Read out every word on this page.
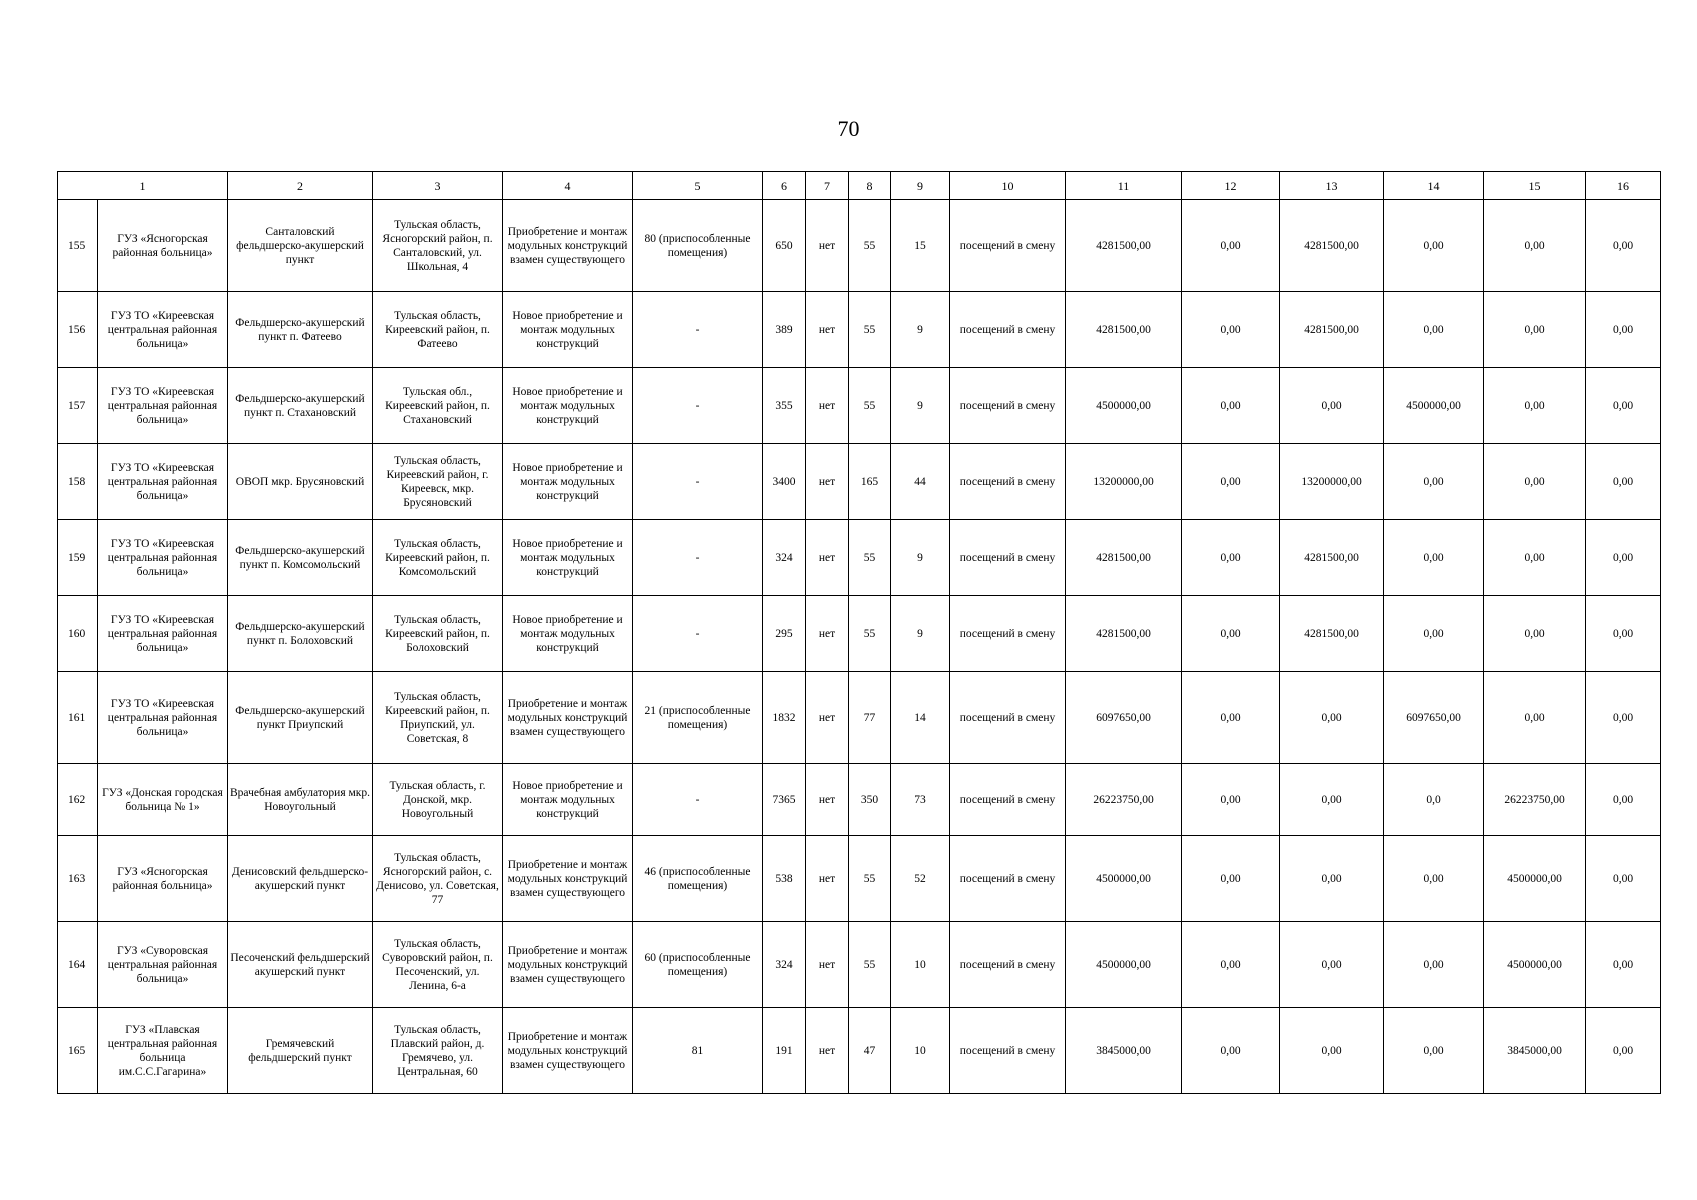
70
1		2	3	4	5	6	7	8	9	10	11	12	13	14	15	16
155	ГУЗ «Ясногорская районная больница»	Санталовский фельдшерско-акушерский пункт	Тульская область, Ясногорский район, п. Санталовский, ул. Школьная, 4	Приобретение и монтаж модульных конструкций взамен существующего	80 (приспособленные помещения)	650	нет	55	15	посещений в смену	4281500,00	0,00	4281500,00	0,00	0,00	0,00
156	ГУЗ ТО «Киреевская центральная районная больница»	Фельдшерско-акушерский пункт п. Фатеево	Тульская область, Киреевский район, п. Фатеево	Новое приобретение и монтаж модульных конструкций	-	389	нет	55	9	посещений в смену	4281500,00	0,00	4281500,00	0,00	0,00	0,00
157	ГУЗ ТО «Киреевская центральная районная больница»	Фельдшерско-акушерский пункт п. Стахановский	Тульская обл., Киреевский район, п. Стахановский	Новое приобретение и монтаж модульных конструкций	-	355	нет	55	9	посещений в смену	4500000,00	0,00	0,00	4500000,00	0,00	0,00
158	ГУЗ ТО «Киреевская центральная районная больница»	ОВОП мкр. Брусяновский	Тульская область, Киреевский район, г. Киреевск, мкр. Брусяновский	Новое приобретение и монтаж модульных конструкций	-	3400	нет	165	44	посещений в смену	13200000,00	0,00	13200000,00	0,00	0,00	0,00
159	ГУЗ ТО «Киреевская центральная районная больница»	Фельдшерско-акушерский пункт п. Комсомольский	Тульская область, Киреевский район, п. Комсомольский	Новое приобретение и монтаж модульных конструкций	-	324	нет	55	9	посещений в смену	4281500,00	0,00	4281500,00	0,00	0,00	0,00
160	ГУЗ ТО «Киреевская центральная районная больница»	Фельдшерско-акушерский пункт п. Болоховский	Тульская область, Киреевский район, п. Болоховский	Новое приобретение и монтаж модульных конструкций	-	295	нет	55	9	посещений в смену	4281500,00	0,00	4281500,00	0,00	0,00	0,00
161	ГУЗ ТО «Киреевская центральная районная больница»	Фельдшерско-акушерский пункт Приупский	Тульская область, Киреевский район, п. Приупский, ул. Советская, 8	Приобретение и монтаж модульных конструкций взамен существующего	21 (приспособленные помещения)	1832	нет	77	14	посещений в смену	6097650,00	0,00	0,00	6097650,00	0,00	0,00
162	ГУЗ «Донская городская больница № 1»	Врачебная амбулатория мкр. Новоугольный	Тульская область, г. Донской, мкр. Новоугольный	Новое приобретение и монтаж модульных конструкций	-	7365	нет	350	73	посещений в смену	26223750,00	0,00	0,00	0,0	26223750,00	0,00
163	ГУЗ «Ясногорская районная больница»	Денисовский фельдшерско-акушерский пункт	Тульская область, Ясногорский район, с. Денисово, ул. Советская, 77	Приобретение и монтаж модульных конструкций взамен существующего	46 (приспособленные помещения)	538	нет	55	52	посещений в смену	4500000,00	0,00	0,00	0,00	4500000,00	0,00
164	ГУЗ «Суворовская центральная районная больница»	Песоченский фельдшерский акушерский пункт	Тульская область, Суворовский район, п. Песоченский, ул. Ленина, 6-а	Приобретение и монтаж модульных конструкций взамен существующего	60 (приспособленные помещения)	324	нет	55	10	посещений в смену	4500000,00	0,00	0,00	0,00	4500000,00	0,00
165	ГУЗ «Плавская центральная районная больница им.С.С.Гагарина»	Гремячевский фельдшерский пункт	Тульская область, Плавский район, д. Гремячево, ул. Центральная, 60	Приобретение и монтаж модульных конструкций взамен существующего	81	191	нет	47	10	посещений в смену	3845000,00	0,00	0,00	0,00	3845000,00	0,00
